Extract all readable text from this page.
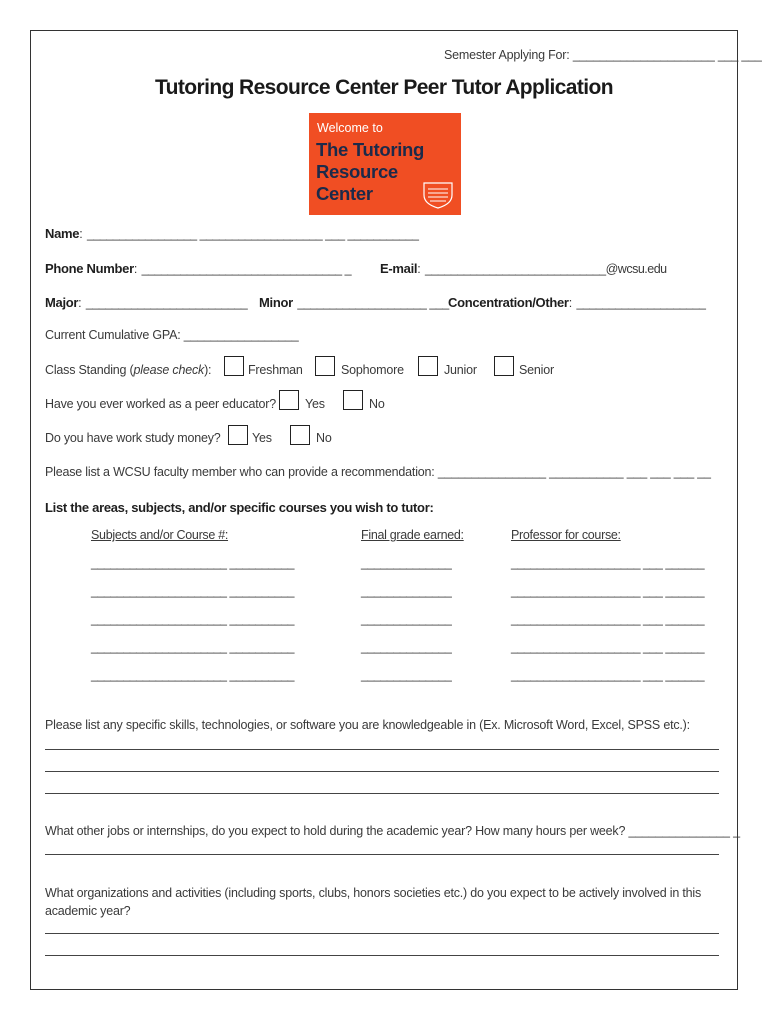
Semester Applying For: _____________________ ___ ___
Tutoring Resource Center Peer Tutor Application
Welcome to
The Tutoring
Resource
Center
Name: _________________ ___________________ ___ ___________
Phone Number: _______________________________ _ E-mail: ____________________________@wcsu.edu
Major: _________________________ Minor ____________________ ___ Concentration/Other: ____________________
Current Cumulative GPA: _________________
Class Standing (please check):	Freshman	Sophomore	Junior	Senior
Have you ever worked as a peer educator? Yes	No
Do you have work study money?	Yes	No
Please list a WCSU faculty member who can provide a recommendation: ________________ ___________ ___ ___ ___ __
List the areas, subjects, and/or specific courses you wish to tutor:
Subjects and/or Course #:	Final grade earned:	Professor for course:
_____________________ __________	______________	____________________ ___ ______
_____________________ __________	______________	____________________ ___ ______
_____________________ __________	______________	____________________ ___ ______
_____________________ __________	______________	____________________ ___ ______
_____________________ __________	______________	____________________ ___ ______
Please list any specific skills, technologies, or software you are knowledgeable in (Ex. Microsoft Word, Excel, SPSS etc.):
What other jobs or internships, do you expect to hold during the academic year? How many hours per week? _______________ _
What organizations and activities (including sports, clubs, honors societies etc.) do you expect to be actively involved in this academic year?
